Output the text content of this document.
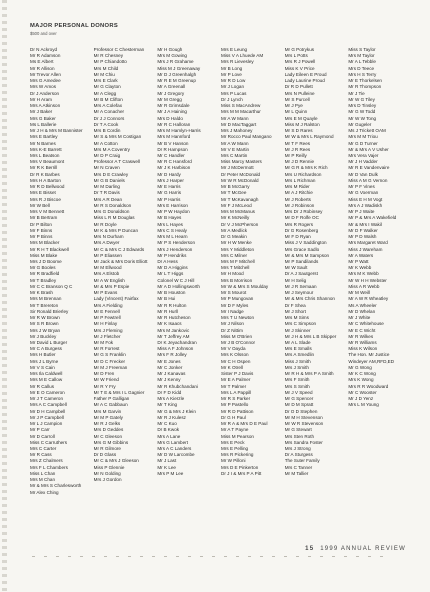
MAJOR PERSONAL DONORS
$500 and over
Dr N Ackroyd
Mr R Adamson
Ms E Albert
Mr R Allison
Mr Trevor Allen
Mrs G Amedee
Mrs W Amos
Dr J Anderson
Mr H Aram
Mrs A Atkinson
Mr J Baker
Mrs G Baker
Ms L Ballerie
Mr J H & Mrs M Bannister
Mrs E Bartley
Mr N Barnes
Mrs K-E Barrett
Mrs L Beatson
Mrs V Beaumont
Mr R K Berrill
Dr R K Barbes
Mrs H A Barton
Mr R D Bellwood
Mrs E Bisset
Mrs R J Biscoe
Mr W Bell
Mrs V M Bennett
Mr B Bertram
Dr P Bilton
Mr F Binns
Mr P Binns
Mrs M Blacker
Mr R H T Blackwell
Miss M Blake
Mrs J D Boome
Mr G Booles
Mr R Bradfield
Mr T Bradley
Mr C C Branson Q C
Mr K Brash
Mrs M Brennan
Mr T Brereton
Sir Ronald Brierley
Mr R W Brown
Mr S R Brown
Mrs J W Bryan
Mr J Buckley
Mr David L Burger
Mr C A Burgess
Mrs H Butler
Mrs J L Byrne
Mr V S Cain
Mrs Ila Caldwell
Mrs M E Callow
Mr R Callus
Mr E O Cameron
Mr J T Cameron
Mrs A C Campbell
Mr D H Campbell
Mr J P Campbell
Mr L J Campion
Mr P Carr
Mr D Carroll
Miss C Carruthers
Mrs C Carter
Mr R Cass
Mrs Z Chalmers
Mrs F L Chambers
Miss L Chan
Mrs M Chan
Mr & Mrs S Charlesworth
Mr Alex Ching
Professor C Chesterman
Mr R Chesney
Mr P Chiandotto
Mrs M Child
Mr M Chiu
Mrs E Clark
Mr G Clayton
Mr A Clegg
Mr B M Clifton
Mrs A Colefax
Mr A Conacher
Dr J J Connors
Dr T A Cook
Mrs B Cordin
Mr S & Mrs M Costigan
Mr A Cotton
Mrs M A Coventry
Mr D P Craig
Professor A T Craswell
Mr N Craven
Mrs D E Crawley
Mr G B Daniels
Mr M Darling
Dr T R Davis
Mrs A R Dean
Mr R S Donaldson
Mrs G Donaldson
Miss L R M Douglas
Mr R Doyle
Mr K & Mrs P Duncan
Mrs N Durham
Mrs A Dwyer
Mr C & Mrs C J Edwards
Mr P Eliassen
Mr Jack & Mrs Doris Elliott
Mr M Ellwood
Mrs A Elstob
Mr A W English
Mr & Mrs P Espie
Mr P Evans
Lady (Vincent) Fairfax
Mrs A Fielding
Mr E Fennell
Mr P Fewtrell
Mr H Finlay
Mrs J Fleming
Mr J Fletcher
Mr M Fok
Mr R Forrest
Mr G S Franklin
Mr D C Frecker
Mr M J Freeman
Mr D Fren
Mr W Friend
Mr R Y Fry
Mr T E & Mrs I L Gagnier
Father P Galligan
Mr A C Gabbaun
Mrs M Garvin
Mr M P Gately
Mr R J Gelks
Mrs D Geddes
Mr C Gleeson
Mrs G M Gibbins
Mr R Gilmore
Dr D Glass
Mr C & Mrs J Gleeson
Miss P Glennie
Mr N Golding
Mrs J Gordon
Mr H Gough
Mrs M Gowing
Mrs J R Grahame
Miss M J Greenaway
Mr D J Greenhalgh
Mr R E M Greenup
Mr A Greenall
Mr J Gregory
Mr M Gregg
Mr R Grimsdale
Mr J A Haining
Mrs D Haldo
Mr R C Halloran
Mrs M Hamlyn-Harris
Mrs M Hannford
Mr B V Hanson
Dr R Hampson
Mr C Handler
Mr R C Hansford
Mr J K Harbison
Mr D Hardy
Mrs J Harper
Mr E Harris
Mr G Harris
Mr P Harris
Mrs E Harrison
Mr P W Haydon
Mr B Hayes
Mrs L Hayes
Mrs C S Healy
Mrs M L Hearn
Mr P S Henderson
Mrs J Henderson
Mr P Hendriks
Dr A Hess
Mr D A Higgins
Mr L T Higgs
Colonel W C J Hill
Mr A D Hollingsworth
Mr B Houston
Mr B Hui
Mr R R Hulton
Mr R Hurll
Mr R Hutcheson
Mr K Isaacs
Mrs M Jankovic
Mr T Jeffrey AM
Dr K Jeyachandran
Miss A F Johnson
Mrs F R Jolley
Mr E Jones
Mr C Jonker
Mr J Kanavas
Mr J Kenny
Mr R Khubchandani
Dr F D Kidd
Mrs A Kierzle
Mr T King
Mr G & Mrs J Klein
Mr R J Kulesz
Mr C Kuo
Dr B Kwok
Mrs A Lane
Mrs G Lambert
Mrs A C Landers
Mr D W Larcombe
Mr J Last
Mr K Lee
Mrs P M Lee
Mrs E Leung
Miss V A Lhuede AM
Mrs R Lievesley
Mr B Long
Mr P Love
Mr R D Low
Mr J Logan
Mrs P Lucas
Dr J Lynch
Miss S MacAndrew
Mrs M M Macarthur
Mr A W Mann
Mr D MacTaggart
Mrs J Mahoney
Mr Rocco Paul Mangano
Mr A W Mann
Mr V E Martin
Mrs C Martin
Miss Marcy Masters
Mr J McDermott
Dr Peter McDonald
Mr W R McDonald
Mr B McGarry
Mr T McGee
Mr T McKavanagh
Mr F J McLeod
Mrs M McManus
Mr K McNeilly
Dr V J McPherson
Mr A Medlick
Dr G Meakin
Mr H W Menke
Mrs Y Middleton
Mrs C Milner
Mrs M F Mitchell
Mrs T Mitchell
Mr H Mood
Mrs B Morrison
Mr W & Mrs S Moulday
Mr S Mourot
Mr P Mungovan
Mr D F Myles
Mr I Nadge
Mrs T U Newton
Mr J Nilson
Dr Z Nittim
Miss M O'Brien
Mr J B O'Connor
Mr V Oayda
Mrs K Olsson
Mr C H Ospen
Mr K Otrell
Sister P J Davis
Mr E A Palmer
Mr T Palmer
Mrs L A Pappill
Mr R S Parker
Mr P Pastello
Mr R D Pattison
Dr G H Paul
Mr R A & Mrs D E Paul
Mr A T Payne
Miss M Pearson
Mrs E Peck
Mrs E Pelling
Mrs R Pickering
Mr W Pilloni
Mrs D E Pinkerton
Dr J I & Mrs P A Pitt
Mr G Potrykus
Mrs L Potts
Mrs R J Powell
Miss K V Price
Lady Eileen E Proud
Lady Laurine Proud
Dr R D Pullett
Mrs N Pulleine
Mr S Purcell
Mr J Pye
Mr L Quinn
Mrs E M Quayle
Miss M J Ralston
Mr S D Rares
Mr W & Mrs L Raymond
Mr T F Rees
Mr J R Rees
Mr P Reilly
Mr J D Rennie
Mr G R & Mrs K Rich
Mrs U Richardson
Mrs L Richman
Mrs M Rider
Mr A J Ritchie
Mr J Roberts
Mr J Robinson
Mrs Dr J Robinsey
Mr D F Rolfe OC
Mrs R Rogers
Dr G Rosenberg
Mr F D Ryan
Miss J V Saddington
Mrs Grace Sadlo
Mr & Mrs M Sampson
Mr P Sandilands
Mr W Sault
Dr A J Sautgerst
Mr H Selig
Mr J R Semaan
Mr J Seymour
Mr & Mrs Chris Shannon
Dr F Shea
Mr J Short
Mrs M Sims
Mrs C Simpson
Mr J Skinner
Mr J H & Mrs L B Skipper
Mr A L Slade
Mrs E Smalls
Mrs A Smedlin
Miss J Smith
Mrs J Smith
Mr R H & Mrs P A Smith
Mrs F Smith
Mrs S Smith
Mr J V Speed
Mr G Spencer
Mr D M Spratt
Dr O D Stephen
Mr M H Stevenson
Mr W R Stevenson
Mr G Stewart
Mrs Sten Roth
Mrs Sandra Foster
Mrs J Strong
Dr A Sturgess
The Suter Family
Mrs C Tanner
Mr M Tallier
Miss S Taylor
Mrs M Taylor
Mr A L Tebble
Mrs D Teece
Mrs H S Terry
Mr E Thorkelsen
Mr R Thompson
Mr J Tie
Mr W G Tiley
Mrs D Tinsley
Mr G W Todd
Mr W W Tong
Mr Gugeler
Ms J Trickett OAM
Mrs M M Triou
Mr G D Turner
Mr & Mrs A V Usher
Mrs Vera Vajer
Mr J H Vadder
Mr R E Vandenvaire
Mr D Van Dulk
Miss A M G Vernon
Mr P F Vines
Mr G Voerman
Miss E H M Vogt
Mrs A J Wadiskh
Mr P J Waite
Mr P & Mrs A Wakefield
Mr & Mrs I Wakil
Mr D F Walker
Mr P D Walsh
Mrs Margaret Ward
Miss J Wareham
Mr A Waters
Mr P Watt
Mr K Webb
Mrs M K Webb
Mr W H H Webster
Miss A R Webb
Mr M Weill
Mr A W R Wheatley
Ms A Wheeler
Mr D Whelan
Mr J White
Mr C Whitehouse
Mr E C Wicht
Mr R Wilkes
Mr R Williams
Miss K Wilson
The Hon. Mr Justice
Windeyer AM,RFD,ED
Mr G Wong
Mr K C Wong
Mrs K Wong
Mrs R R Woodward
Mr C Wooster
Mr J D Yenz
Mrs L M Young
15 1999 ANNUAL REVIEW
